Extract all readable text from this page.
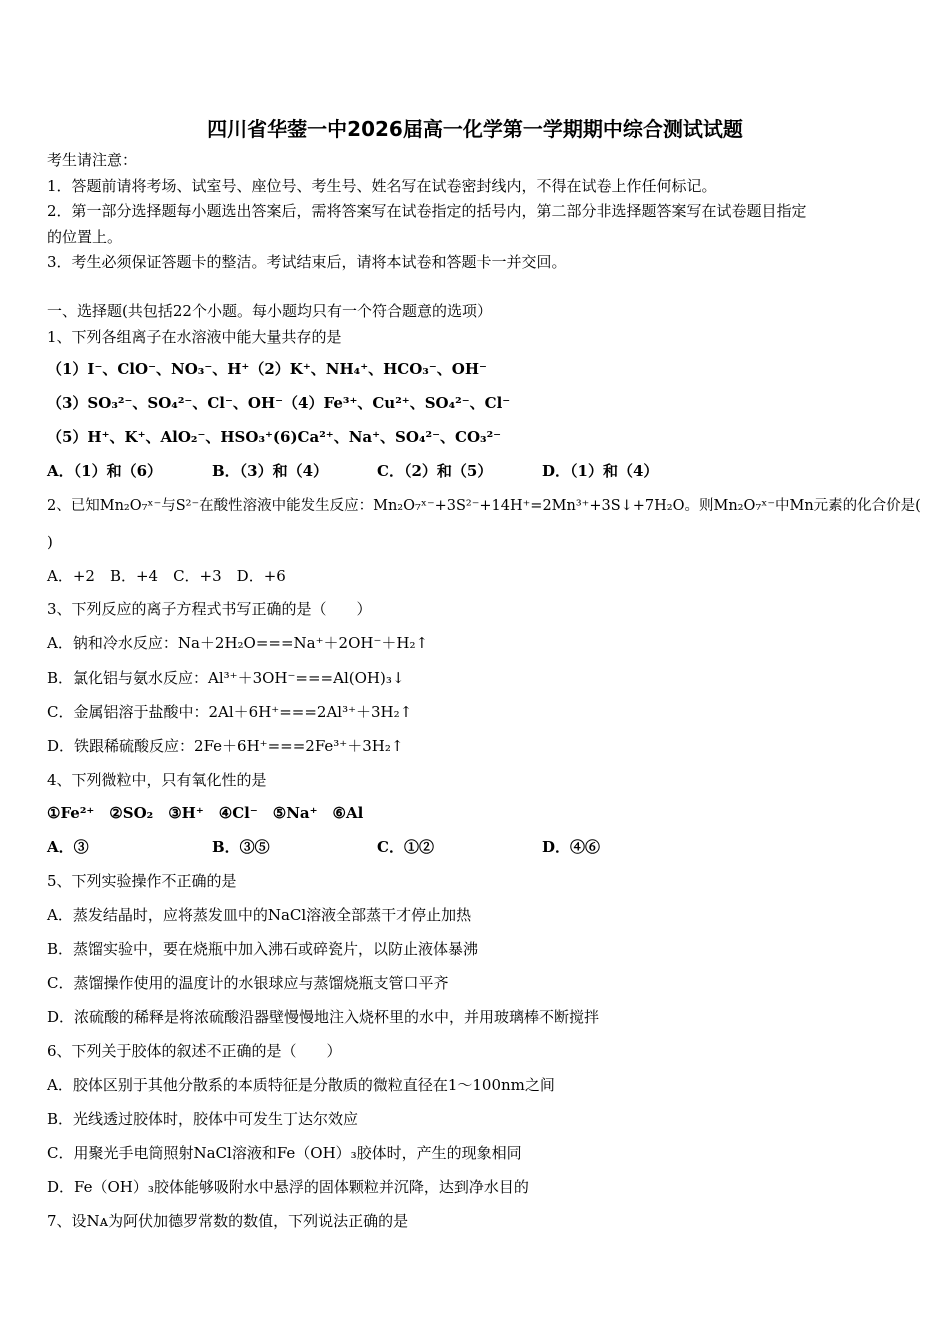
四川省华蓥一中2026届高一化学第一学期期中综合测试试题
考生请注意：
1．答题前请将考场、试室号、座位号、考生号、姓名写在试卷密封线内，不得在试卷上作任何标记。
2．第一部分选择题每小题选出答案后，需将答案写在试卷指定的括号内，第二部分非选择题答案写在试卷题目指定
的位置上。
3．考生必须保证答题卡的整洁。考试结束后，请将本试卷和答题卡一并交回。
一、选择题(共包括22个小题。每小题均只有一个符合题意的选项）
1、下列各组离子在水溶液中能大量共存的是
（1）I⁻、ClO⁻、NO₃⁻、H⁺（2）K⁺、NH₄⁺、HCO₃⁻、OH⁻
（3）SO₃²⁻、SO₄²⁻、Cl⁻、OH⁻（4）Fe³⁺、Cu²⁺、SO₄²⁻、Cl⁻
（5）H⁺、K⁺、AlO₂⁻、HSO₃⁺(6)Ca²⁺、Na⁺、SO₄²⁻、CO₃²⁻
A．（1）和（6）	B．（3）和（4）	C．（2）和（5）	D．（1）和（4）
2、已知Mn₂O₇ˣ⁻与S²⁻在酸性溶液中能发生反应：Mn₂O₇ˣ⁻+3S²⁻+14H⁺=2Mn³⁺+3S↓+7H₂O。则Mn₂O₇ˣ⁻中Mn元素的化合价是(
)
A．+2　B．+4　C．+3　D．+6
3、下列反应的离子方程式书写正确的是（　　）
A．钠和冷水反应：Na＋2H₂O===Na⁺＋2OH⁻＋H₂↑
B．氯化铝与氨水反应：Al³⁺＋3OH⁻===Al(OH)₃↓
C．金属铝溶于盐酸中：2Al＋6H⁺===2Al³⁺＋3H₂↑
D．铁跟稀硫酸反应：2Fe＋6H⁺===2Fe³⁺＋3H₂↑
4、下列微粒中，只有氧化性的是
①Fe²⁺　②SO₂　③H⁺　④Cl⁻　⑤Na⁺　⑥Al
A．③	B．③⑤	C．①②	D．④⑥
5、下列实验操作不正确的是
A．蒸发结晶时，应将蒸发皿中的NaCl溶液全部蒸干才停止加热
B．蒸馏实验中，要在烧瓶中加入沸石或碎瓷片，以防止液体暴沸
C．蒸馏操作使用的温度计的水银球应与蒸馏烧瓶支管口平齐
D．浓硫酸的稀释是将浓硫酸沿器壁慢慢地注入烧杯里的水中，并用玻璃棒不断搅拌
6、下列关于胶体的叙述不正确的是（　　）
A．胶体区别于其他分散系的本质特征是分散质的微粒直径在1～100nm之间
B．光线透过胶体时，胶体中可发生丁达尔效应
C．用聚光手电筒照射NaCl溶液和Fe（OH）₃胶体时，产生的现象相同
D．Fe（OH）₃胶体能够吸附水中悬浮的固体颗粒并沉降，达到净水目的
7、设Nᴀ为阿伏加德罗常数的数值，下列说法正确的是
